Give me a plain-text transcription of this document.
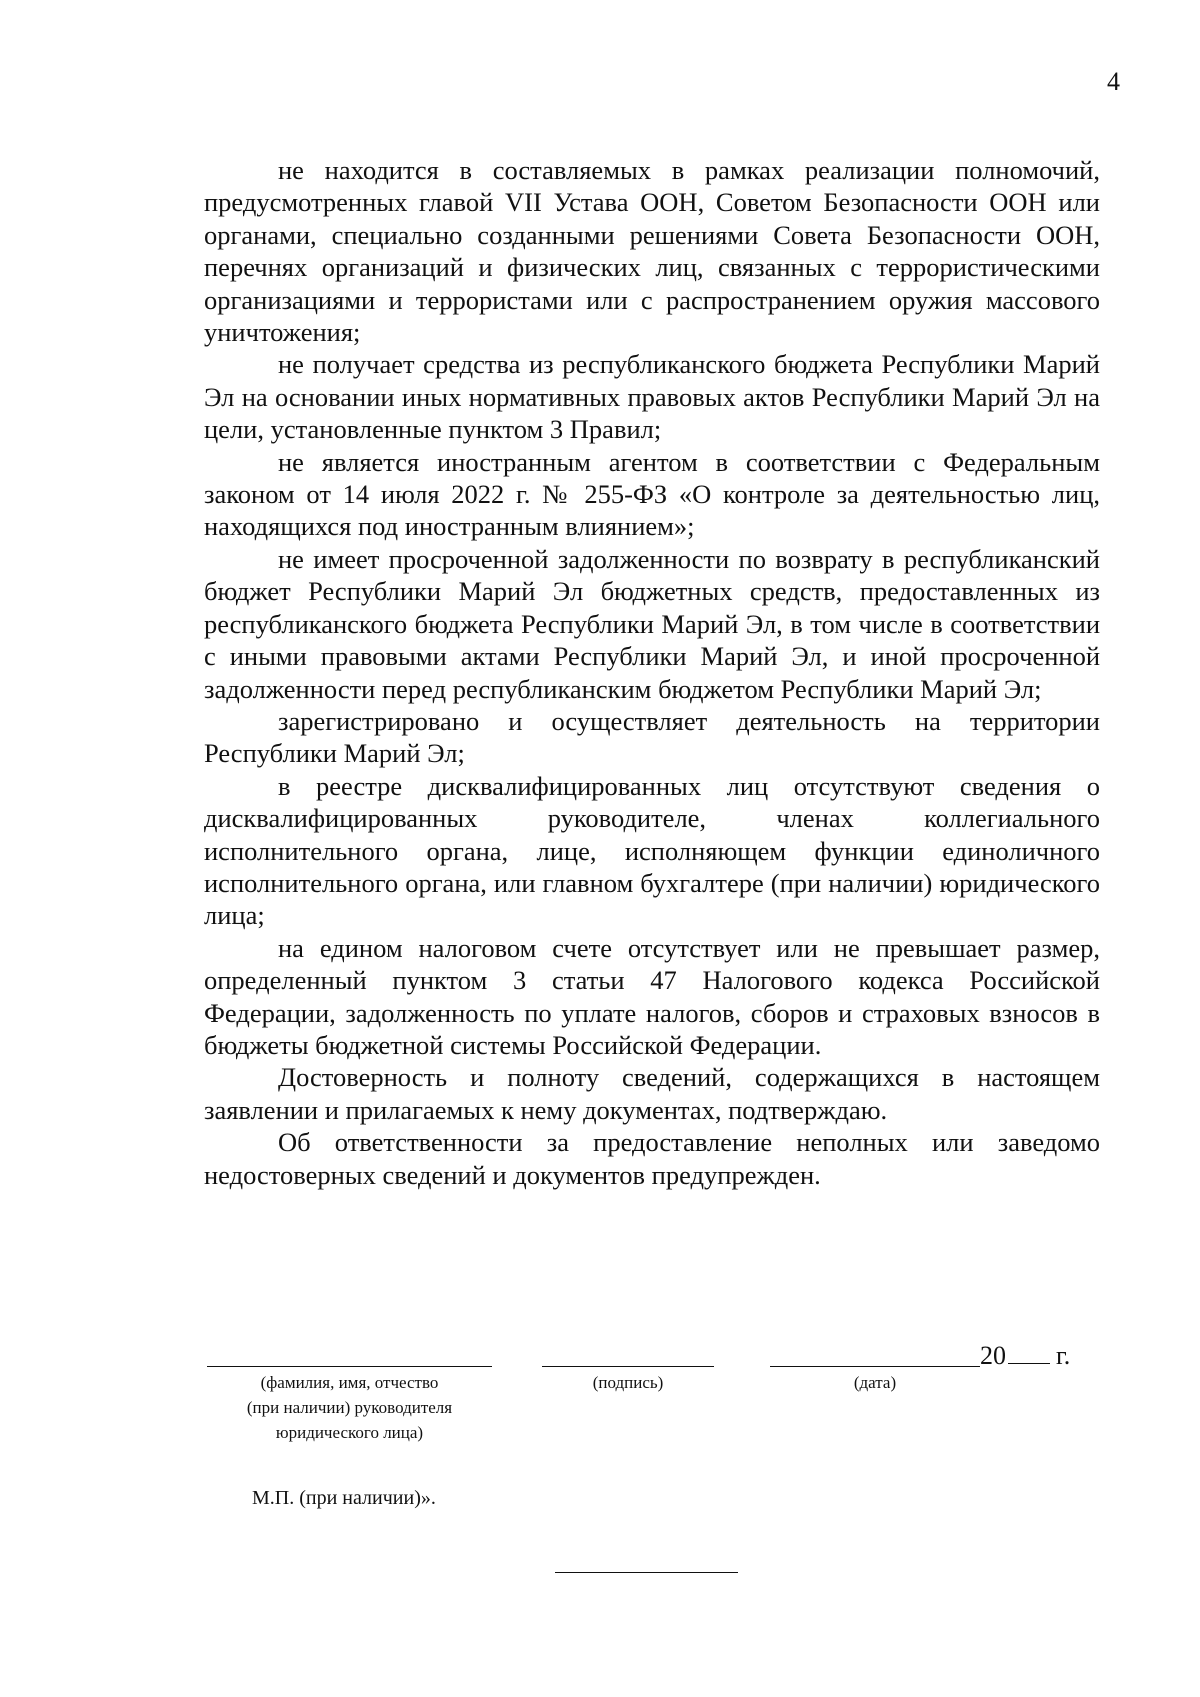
4

не находится в составляемых в рамках реализации полномочий, предусмотренных главой VII Устава ООН, Советом Безопасности ООН или органами, специально созданными решениями Совета Безопасности ООН, перечнях организаций и физических лиц, связанных с террористическими организациями и террористами или с распространением оружия массового уничтожения;

не получает средства из республиканского бюджета Республики Марий Эл на основании иных нормативных правовых актов Республики Марий Эл на цели, установленные пунктом 3 Правил;

не является иностранным агентом в соответствии с Федеральным законом от 14 июля 2022 г. № 255-ФЗ «О контроле за деятельностью лиц, находящихся под иностранным влиянием»;

не имеет просроченной задолженности по возврату в республиканский бюджет Республики Марий Эл бюджетных средств, предоставленных из республиканского бюджета Республики Марий Эл, в том числе в соответствии с иными правовыми актами Республики Марий Эл, и иной просроченной задолженности перед республиканским бюджетом Республики Марий Эл;

зарегистрировано и осуществляет деятельность на территории Республики Марий Эл;

в реестре дисквалифицированных лиц отсутствуют сведения о дисквалифицированных руководителе, членах коллегиального исполнительного органа, лице, исполняющем функции единоличного исполнительного органа, или главном бухгалтере (при наличии) юридического лица;

на едином налоговом счете отсутствует или не превышает размер, определенный пунктом 3 статьи 47 Налогового кодекса Российской Федерации, задолженность по уплате налогов, сборов и страховых взносов в бюджеты бюджетной системы Российской Федерации.

Достоверность и полноту сведений, содержащихся в настоящем заявлении и прилагаемых к нему документах, подтверждаю.

Об ответственности за предоставление неполных или заведомо недостоверных сведений и документов предупрежден.

(фамилия, имя, отчество
(при наличии) руководителя
юридического лица)
(подпись)	(дата)
20 г.
М.П. (при наличии)».
